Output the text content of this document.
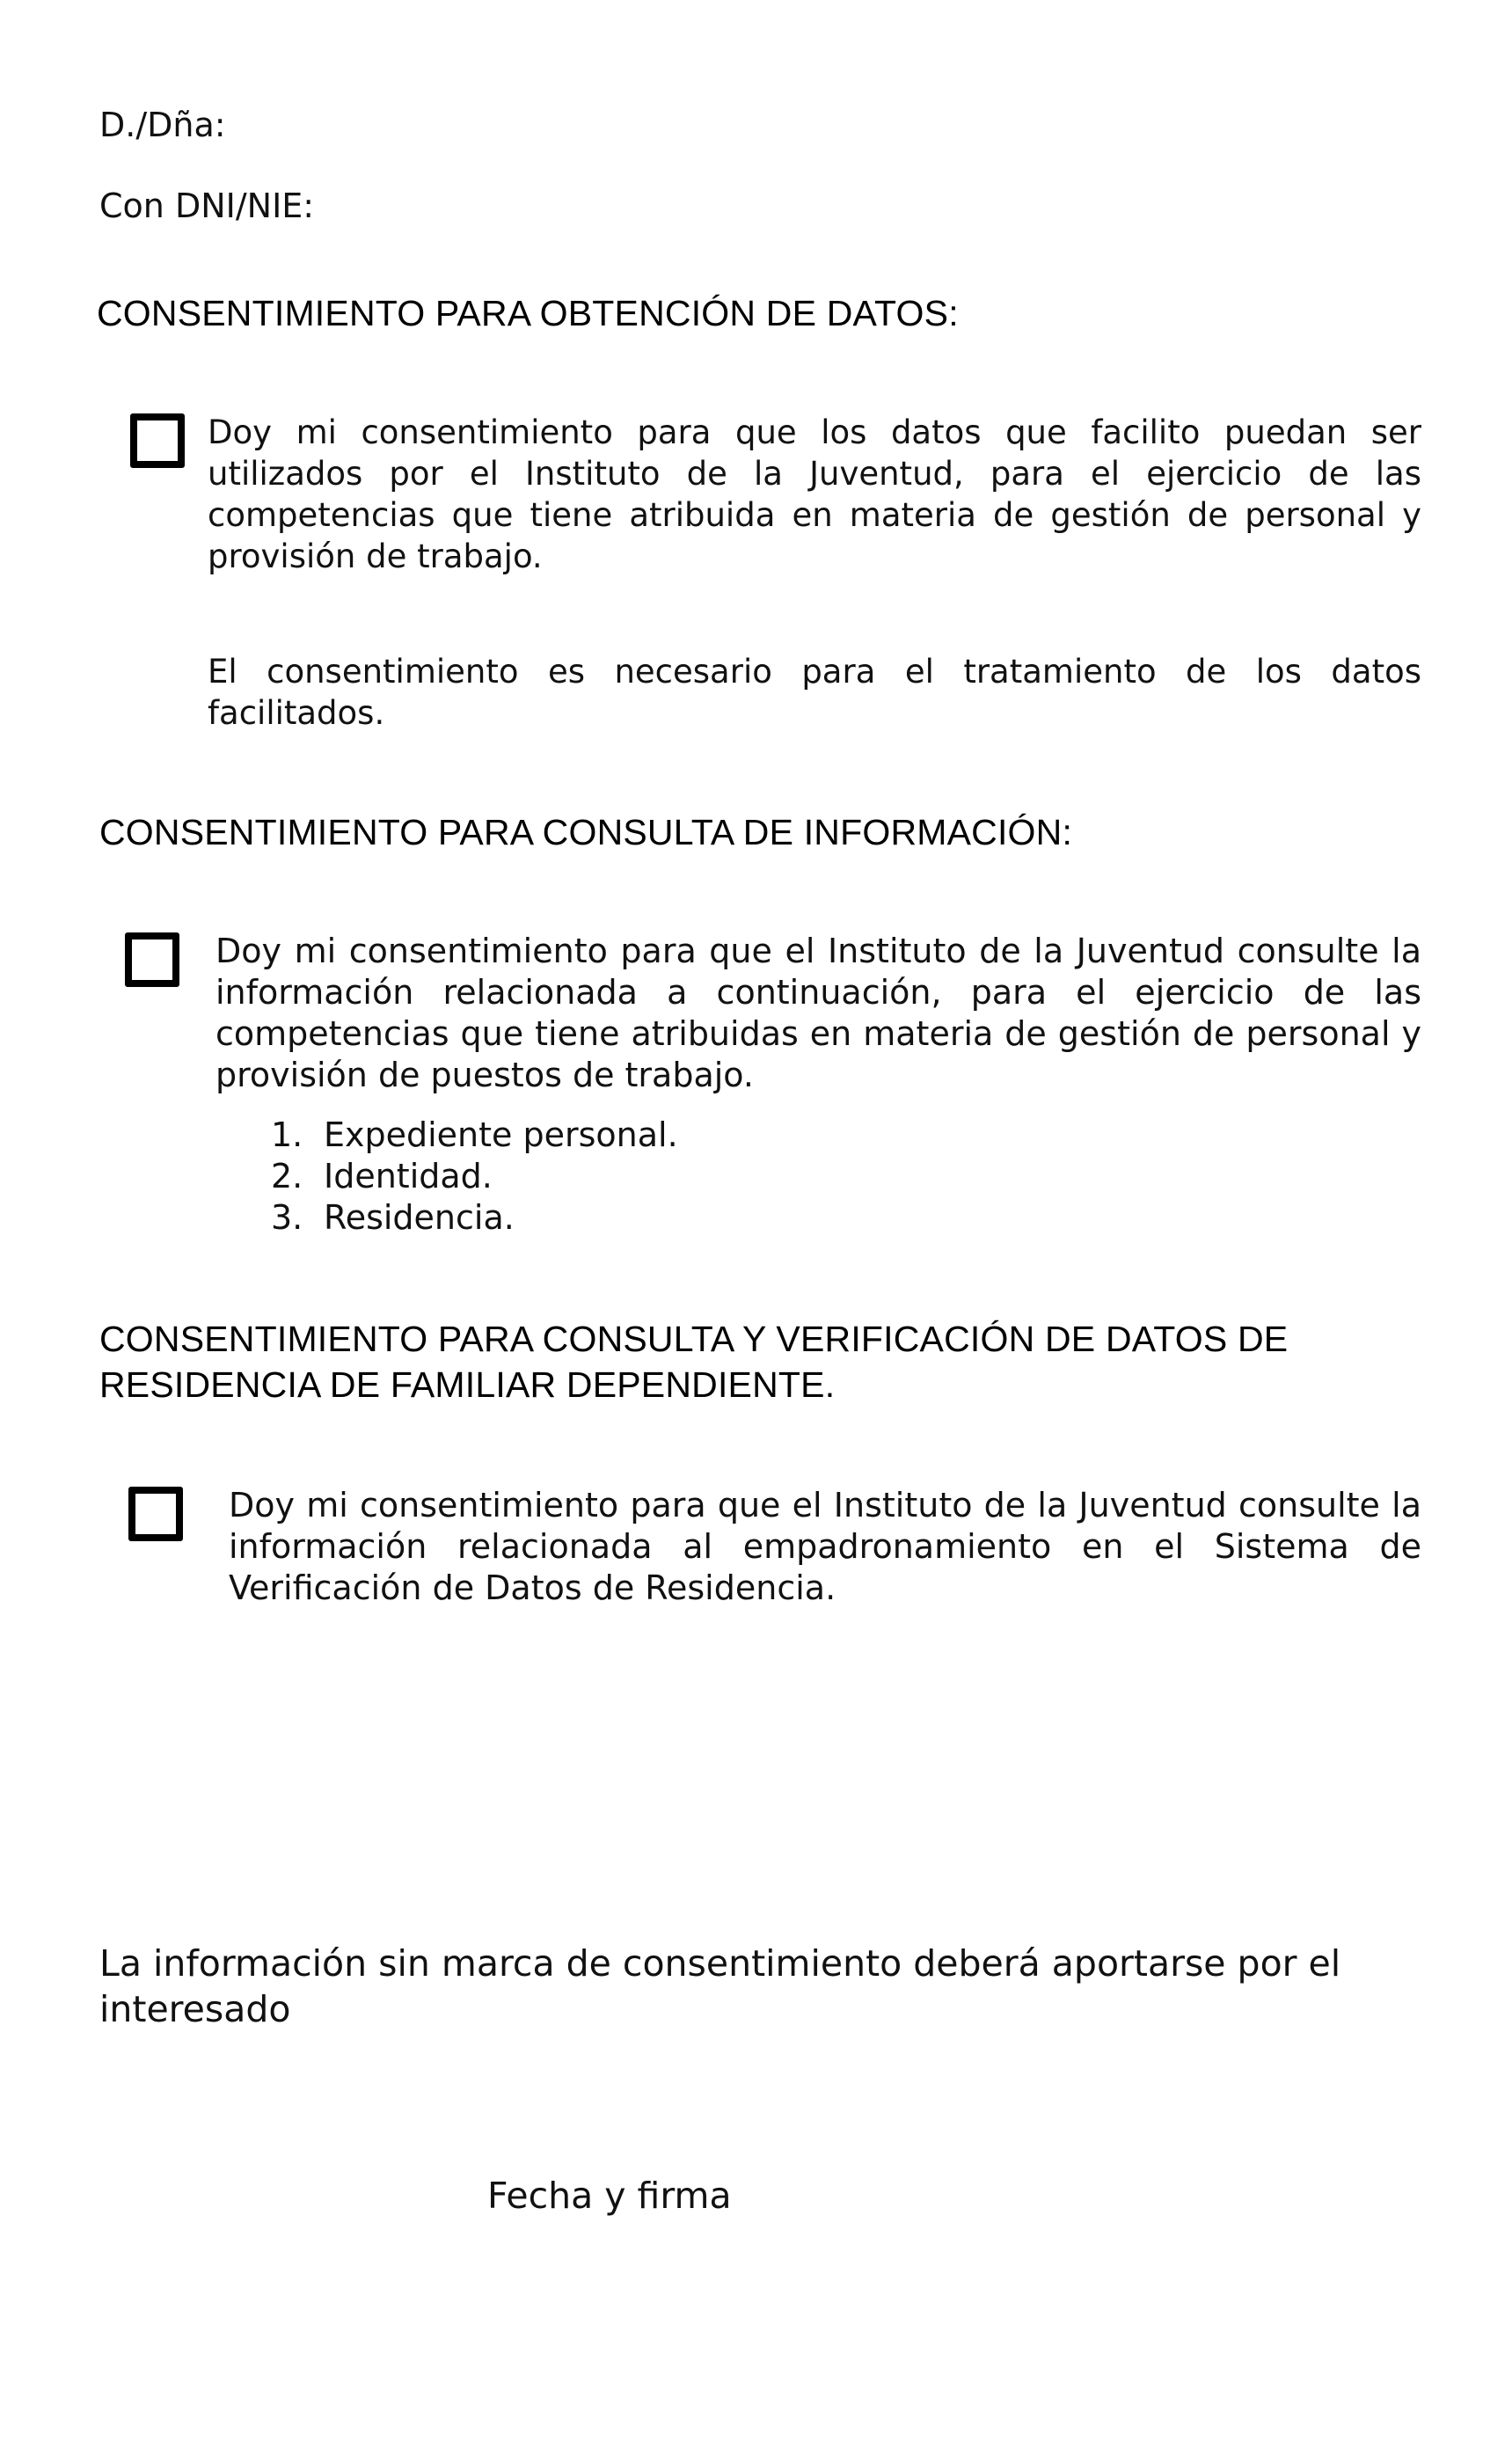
D./Dña:
Con DNI/NIE:
CONSENTIMIENTO PARA OBTENCIÓN DE DATOS:
Doy mi consentimiento para que los datos que facilito puedan ser utilizados por el Instituto de la Juventud, para el ejercicio de las competencias que tiene atribuida en materia de gestión de personal y provisión de trabajo.
El consentimiento es necesario para el tratamiento de los datos facilitados.
CONSENTIMIENTO PARA CONSULTA DE INFORMACIÓN:
Doy mi consentimiento para que el Instituto de la Juventud consulte la información relacionada a continuación, para el ejercicio de las competencias que tiene atribuidas en materia de gestión de personal y provisión de puestos de trabajo.
1. Expediente personal.
2. Identidad.
3. Residencia.
CONSENTIMIENTO PARA CONSULTA Y VERIFICACIÓN DE DATOS DE
RESIDENCIA DE FAMILIAR DEPENDIENTE.
Doy mi consentimiento para que el Instituto de la Juventud consulte la información relacionada al empadronamiento en el Sistema de Verificación de Datos de Residencia.
La información sin marca de consentimiento deberá aportarse por el interesado
Fecha y firma
